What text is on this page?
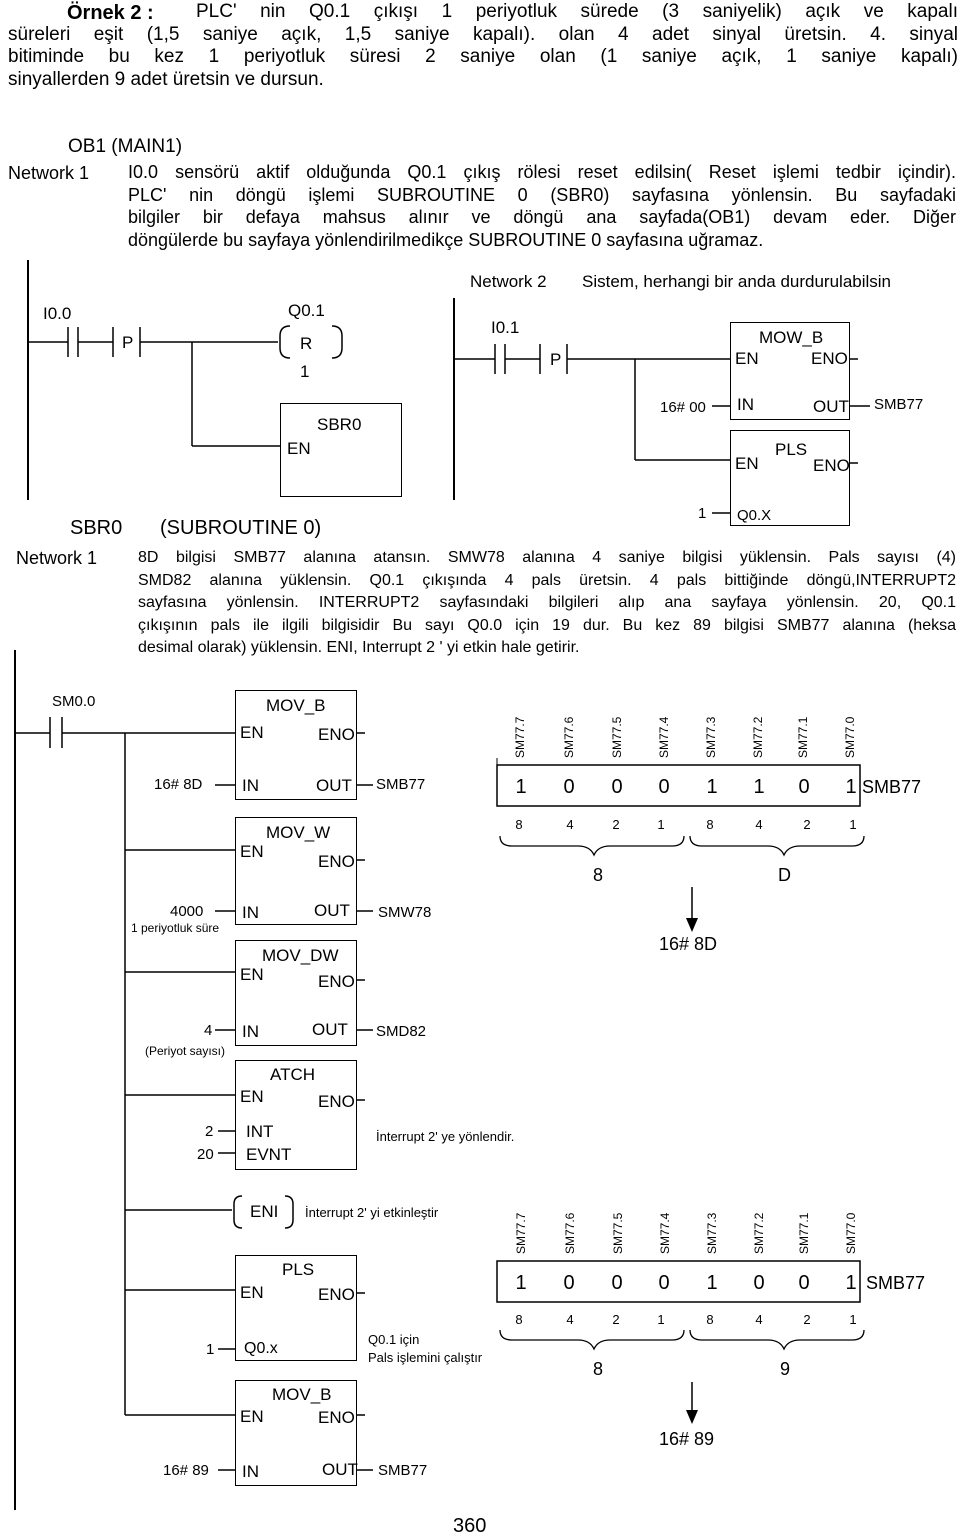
Örnek 2 :	PLC' nin Q0.1 çıkışı 1 periyotluk sürede (3 saniyelik) açık ve kapalı
süreleri eşit (1,5 saniye açık, 1,5 saniye kapalı). olan 4 adet sinyal üretsin. 4. sinyal
bitiminde bu kez 1 periyotluk süresi 2 saniye olan (1 saniye açık, 1 saniye kapalı)
sinyallerden 9 adet üretsin ve dursun.
OB1 (MAIN1)
Network 1 I0.0 sensörü aktif olduğunda Q0.1 çıkış rölesi reset edilsin( Reset işlemi tedbir içindir).
PLC' nin döngü işlemi SUBROUTINE 0 (SBR0) sayfasına yönlensin. Bu sayfadaki
bilgiler bir defaya mahsus alınır ve döngü ana sayfada(OB1) devam eder. Diğer
döngülerde bu sayfaya yönlendirilmedikçe SUBROUTINE 0 sayfasına uğramaz.
I0.0
P
Q0.1
R
1
SBR0
EN
Network 2 Sistem, herhangi bir anda durdurulabilsin
I0.1
P
MOW_B
EN	ENO
IN	OUT
16# 00	SMB77
PLS
EN	ENO
Q0.X
1
SBR0 (SUBROUTINE 0)
Network 1	8D bilgisi SMB77 alanına atansın. SMW78 alanına 4 saniye bilgisi yüklensin. Pals sayısı (4)
SMD82 alanına yüklensin. Q0.1 çıkışında 4 pals üretsin. 4 pals bittiğinde döngü,INTERRUPT2
sayfasına yönlensin. INTERRUPT2 sayfasındaki bilgileri alıp ana sayfaya yönlensin. 20, Q0.1
çıkışının pals ile ilgili bilgisidir Bu sayı Q0.0 için 19 dur. Bu kez 89 bilgisi SMB77 alanına (heksa
desimal olarak) yüklensin. ENI, Interrupt 2 ' yi etkin hale getirir.
SM0.0	MOV_B
EN	ENO
IN	OUT
16# 8D	SMB77
MOV_W
EN
ENO
IN	OUT
4000
1 periyotluk süre
SMW78
MOV_DW
EN	ENO
IN	OUT
4
(Periyot sayısı)
SMD82
ATCH
EN	ENO
INT
EVNT
2
20
İnterrupt 2' ye yönlendir.
ENI İnterrupt 2' yi etkinleştir
PLS
EN	ENO
Q0.x
1
Q0.1 için
Pals işlemini çalıştır
MOV_B
EN	ENO
IN	OUT
16# 89	SMB77
SM77.7	SM77.6	SM77.5	SM77.4	SM77.3	SM77.2	SM77.1	SM77.0
1 0 0 0 1 1 0 1 SMB77
8	4	2	1	8	4	2	1
8	D
16# 8D
SM77.7	SM77.6	SM77.5	SM77.4	SM77.3	SM77.2	SM77.1	SM77.0
1 0 0 0 1 0 0 1 SMB77
8	4	2	1	8	4	2	1
8	9
16# 89
360
